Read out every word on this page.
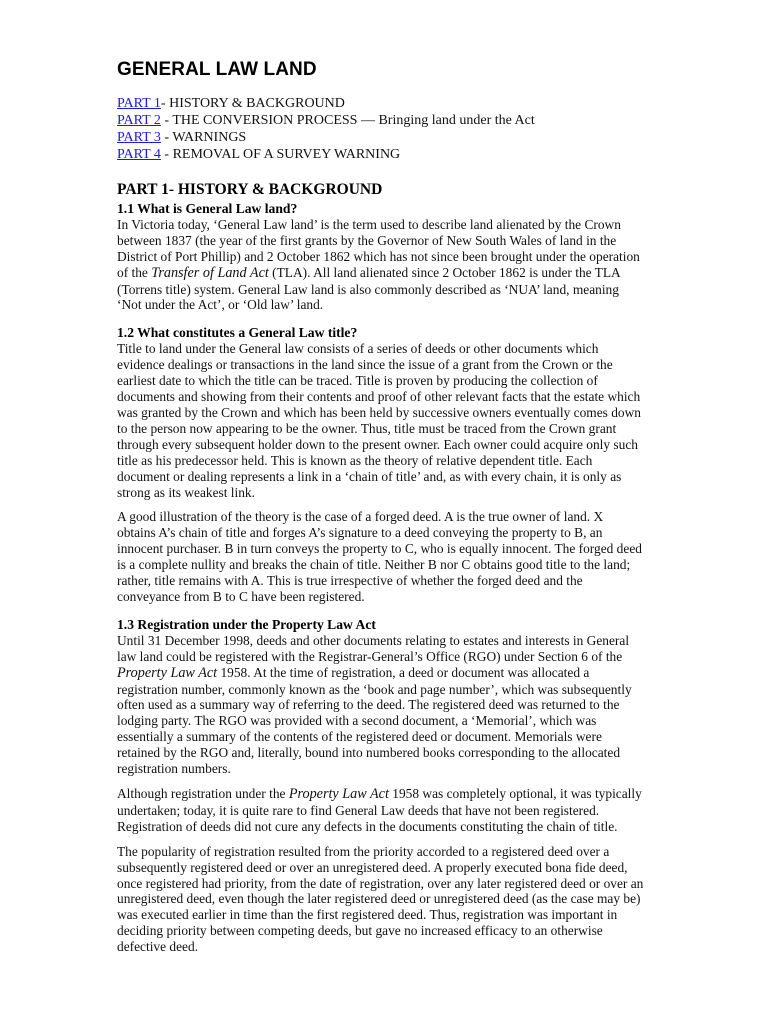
GENERAL LAW LAND
PART 1- HISTORY & BACKGROUND
PART 2 - THE CONVERSION PROCESS — Bringing land under the Act
PART 3 - WARNINGS
PART 4 - REMOVAL OF A SURVEY WARNING
PART 1- HISTORY & BACKGROUND
1.1 What is General Law land?

In Victoria today, ‘General Law land’ is the term used to describe land alienated by the Crown between 1837 (the year of the first grants by the Governor of New South Wales of land in the District of Port Phillip) and 2 October 1862 which has not since been brought under the operation of the Transfer of Land Act (TLA). All land alienated since 2 October 1862 is under the TLA (Torrens title) system. General Law land is also commonly described as ‘NUA’ land, meaning ‘Not under the Act’, or ‘Old law’ land.

1.2 What constitutes a General Law title?

Title to land under the General law consists of a series of deeds or other documents which evidence dealings or transactions in the land since the issue of a grant from the Crown or the earliest date to which the title can be traced. Title is proven by producing the collection of documents and showing from their contents and proof of other relevant facts that the estate which was granted by the Crown and which has been held by successive owners eventually comes down to the person now appearing to be the owner. Thus, title must be traced from the Crown grant through every subsequent holder down to the present owner. Each owner could acquire only such title as his predecessor held. This is known as the theory of relative dependent title. Each document or dealing represents a link in a ‘chain of title’ and, as with every chain, it is only as strong as its weakest link.

A good illustration of the theory is the case of a forged deed. A is the true owner of land. X obtains A’s chain of title and forges A’s signature to a deed conveying the property to B, an innocent purchaser. B in turn conveys the property to C, who is equally innocent. The forged deed is a complete nullity and breaks the chain of title. Neither B nor C obtains good title to the land; rather, title remains with A. This is true irrespective of whether the forged deed and the conveyance from B to C have been registered.

1.3 Registration under the Property Law Act

Until 31 December 1998, deeds and other documents relating to estates and interests in General law land could be registered with the Registrar-General’s Office (RGO) under Section 6 of the Property Law Act 1958. At the time of registration, a deed or document was allocated a registration number, commonly known as the ‘book and page number’, which was subsequently often used as a summary way of referring to the deed. The registered deed was returned to the lodging party. The RGO was provided with a second document, a ‘Memorial’, which was essentially a summary of the contents of the registered deed or document. Memorials were retained by the RGO and, literally, bound into numbered books corresponding to the allocated registration numbers.

Although registration under the Property Law Act 1958 was completely optional, it was typically undertaken; today, it is quite rare to find General Law deeds that have not been registered. Registration of deeds did not cure any defects in the documents constituting the chain of title.

The popularity of registration resulted from the priority accorded to a registered deed over a subsequently registered deed or over an unregistered deed. A properly executed bona fide deed, once registered had priority, from the date of registration, over any later registered deed or over an unregistered deed, even though the later registered deed or unregistered deed (as the case may be) was executed earlier in time than the first registered deed. Thus, registration was important in deciding priority between competing deeds, but gave no increased efficacy to an otherwise defective deed.
